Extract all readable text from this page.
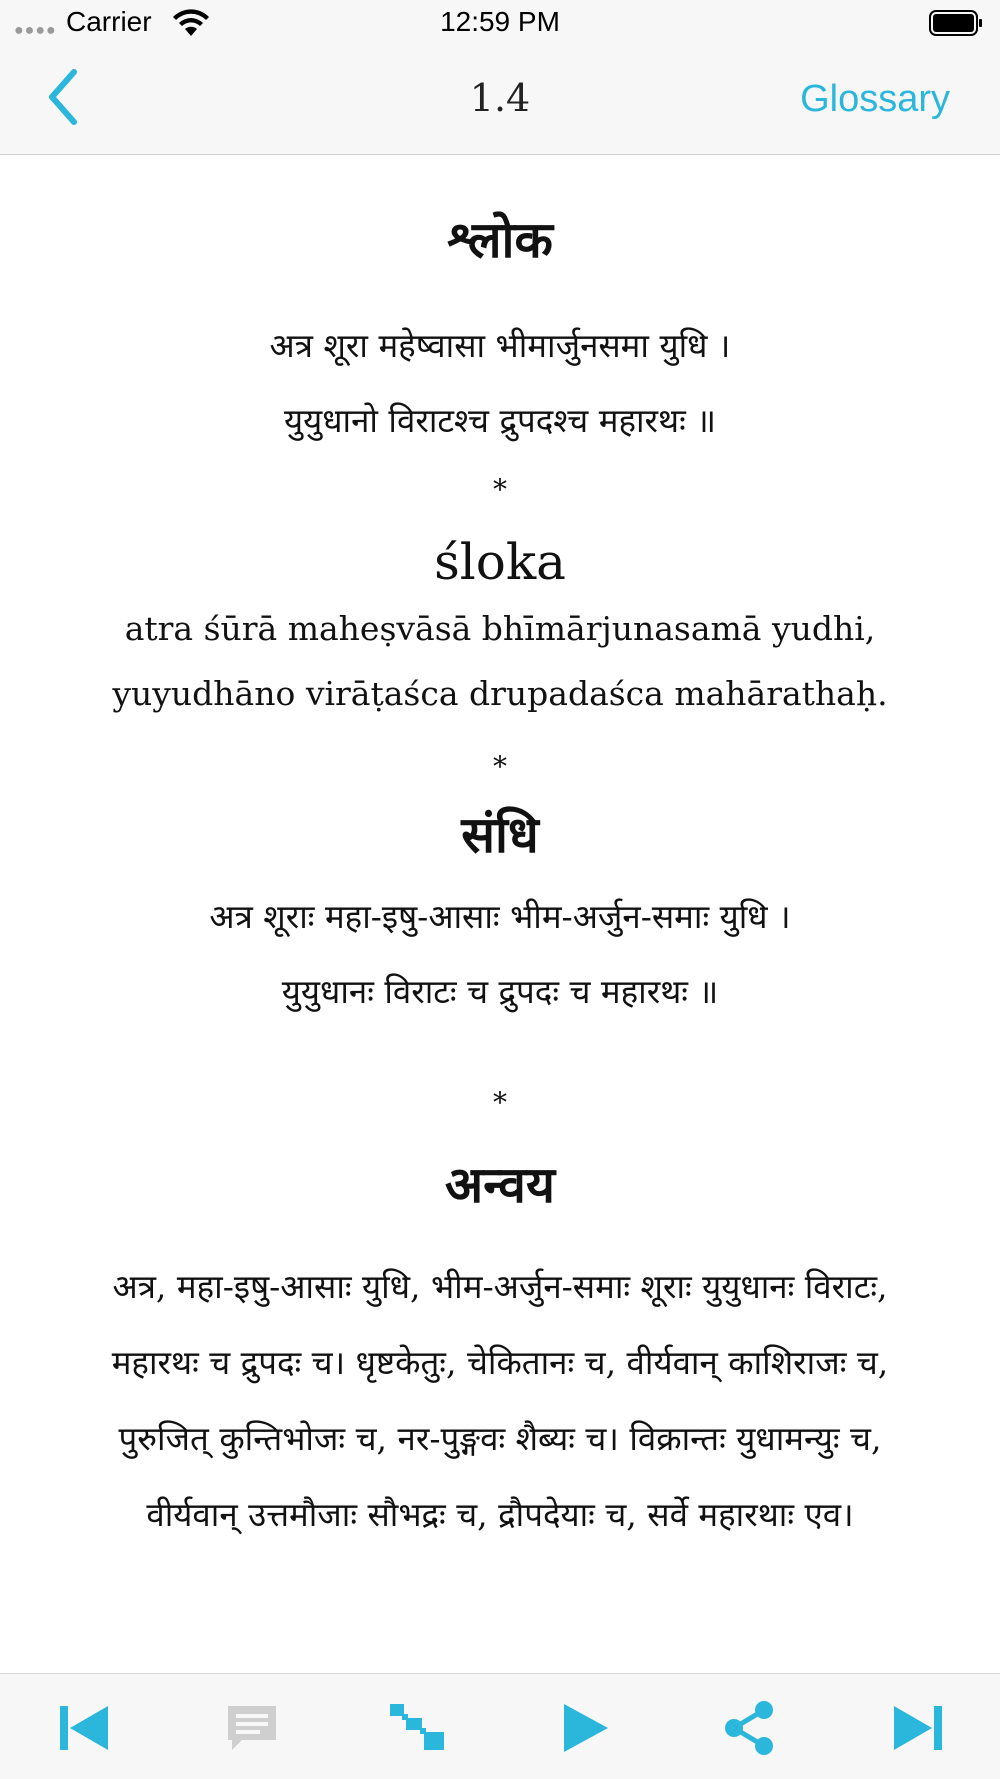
●●●● Carrier	12:59 PM
1.4	Glossary
श्लोक
अत्र शूरा महेष्वासा भीमार्जुनसमा युधि ।
युयुधानो विराटश्च द्रुपदश्च महारथः ॥
*
śloka
atra śūrā maheṣvāsā bhīmārjunasamā yudhi,
yuyudhāno virāṭaśca drupadaśca mahārathaḥ.
*
संधि
अत्र शूराः महा-इषु-आसाः भीम-अर्जुन-समाः युधि ।
युयुधानः विराटः च द्रुपदः च महारथः ॥
*
अन्वय
अत्र, महा-इषु-आसाः युधि, भीम-अर्जुन-समाः शूराः युयुधानः विराटः,
महारथः च द्रुपदः च। धृष्टकेतुः, चेकितानः च, वीर्यवान् काशिराजः च,
पुरुजित् कुन्तिभोजः च, नर-पुङ्गवः शैब्यः च। विक्रान्तः युधामन्युः च,
वीर्यवान् उत्तमौजाः सौभद्रः च, द्रौपदेयाः च, सर्वे महारथाः एव।
